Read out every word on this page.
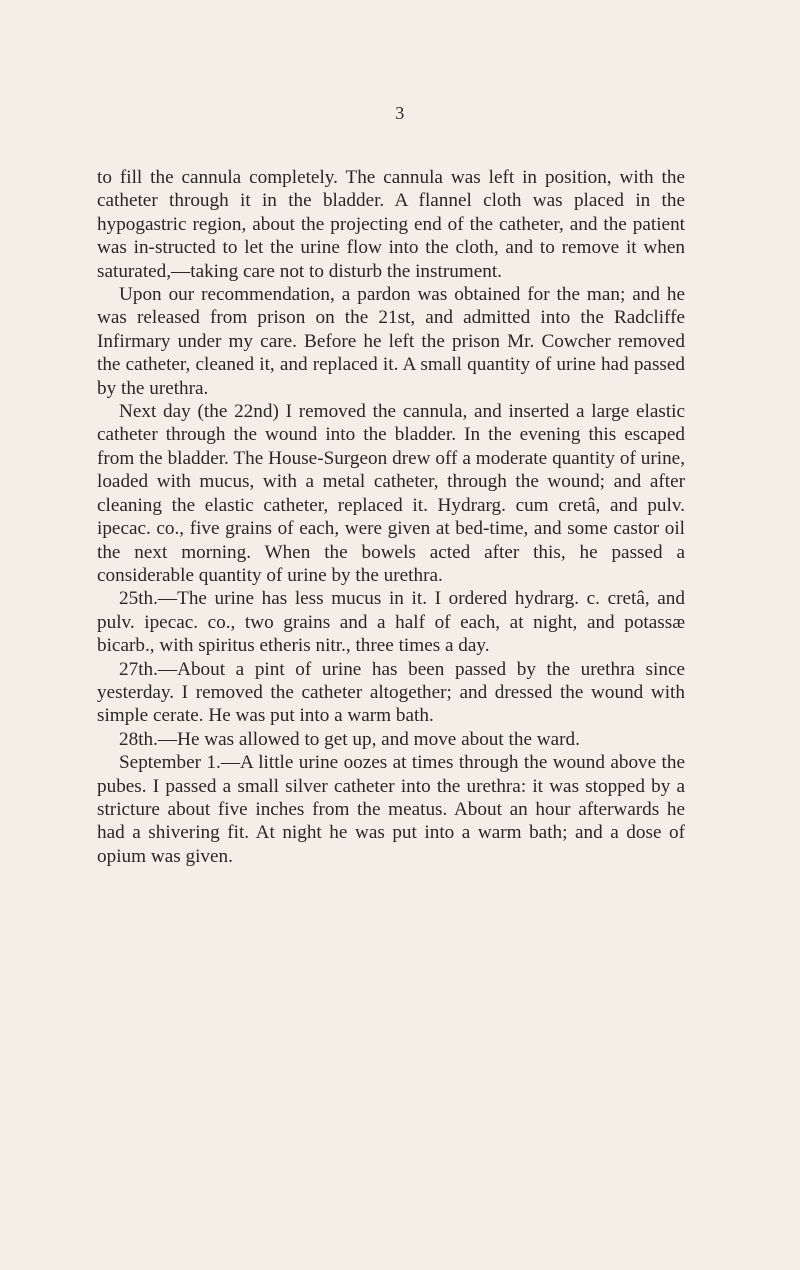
3

to fill the cannula completely. The cannula was left in position, with the catheter through it in the bladder. A flannel cloth was placed in the hypogastric region, about the projecting end of the catheter, and the patient was in-structed to let the urine flow into the cloth, and to remove it when saturated,—taking care not to disturb the instrument.

Upon our recommendation, a pardon was obtained for the man; and he was released from prison on the 21st, and admitted into the Radcliffe Infirmary under my care. Before he left the prison Mr. Cowcher removed the catheter, cleaned it, and replaced it. A small quantity of urine had passed by the urethra.

Next day (the 22nd) I removed the cannula, and inserted a large elastic catheter through the wound into the bladder. In the evening this escaped from the bladder. The House-Surgeon drew off a moderate quantity of urine, loaded with mucus, with a metal catheter, through the wound; and after cleaning the elastic catheter, replaced it. Hydrarg. cum cretâ, and pulv. ipecac. co., five grains of each, were given at bed-time, and some castor oil the next morning. When the bowels acted after this, he passed a considerable quantity of urine by the urethra.

25th.—The urine has less mucus in it. I ordered hydrarg. c. cretâ, and pulv. ipecac. co., two grains and a half of each, at night, and potassæ bicarb., with spiritus etheris nitr., three times a day.

27th.—About a pint of urine has been passed by the urethra since yesterday. I removed the catheter altogether; and dressed the wound with simple cerate. He was put into a warm bath.

28th.—He was allowed to get up, and move about the ward.

September 1.—A little urine oozes at times through the wound above the pubes. I passed a small silver catheter into the urethra: it was stopped by a stricture about five inches from the meatus. About an hour afterwards he had a shivering fit. At night he was put into a warm bath; and a dose of opium was given.
